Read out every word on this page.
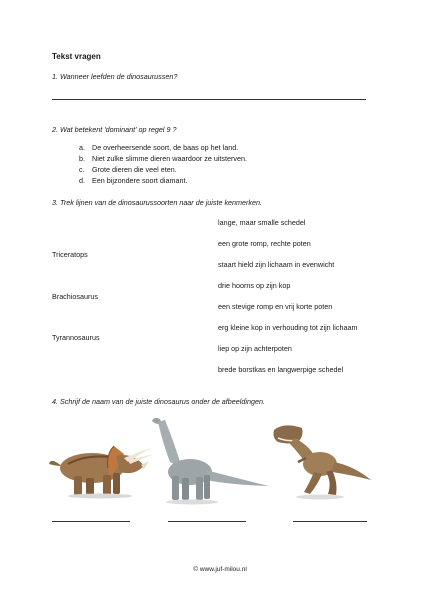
Tekst vragen
1. Wanneer leefden de dinosaurussen?
2. Wat betekent 'dominant' op regel 9 ?
a. De overheersende soort, de baas op het land.
b. Niet zulke slimme dieren waardoor ze uitsterven.
c. Grote dieren die veel eten.
d. Een bijzondere soort diamant.
3. Trek lijnen van de dinosaurussoorten naar de juiste kenmerken.
Triceratops
Brachiosaurus
Tyrannosaurus
lange, maar smalle schedel
een grote romp, rechte poten
staart hield zijn lichaam in evenwicht
drie hoorns op zijn kop
een stevige romp en vrij korte poten
erg kleine kop in verhouding tot zijn lichaam
liep op zijn achterpoten
brede borstkas en langwerpige schedel
4. Schrijf de naam van de juiste dinosaurus onder de afbeeldingen.
© www.juf-milou.nl
